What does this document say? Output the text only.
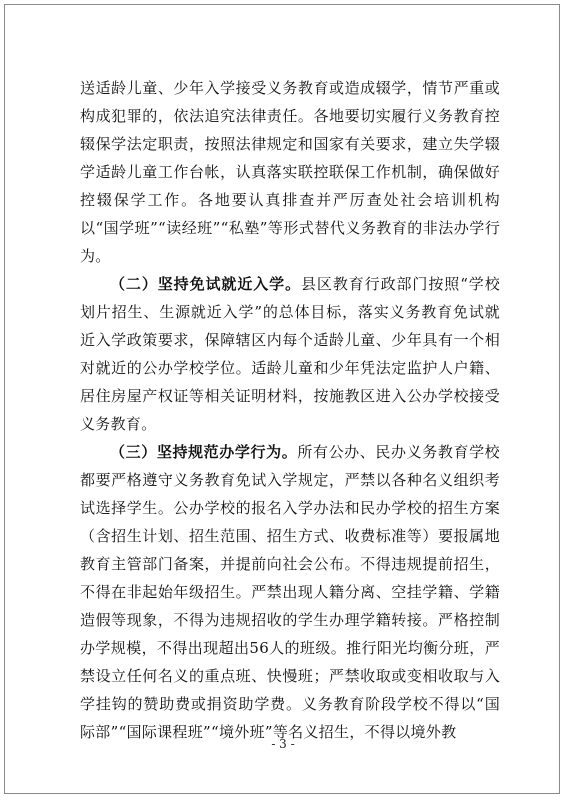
送适龄儿童、少年入学接受义务教育或造成辍学，情节严重或构成犯罪的，依法追究法律责任。各地要切实履行义务教育控辍保学法定职责，按照法律规定和国家有关要求，建立失学辍学适龄儿童工作台帐，认真落实联控联保工作机制，确保做好控辍保学工作。各地要认真排查并严厉查处社会培训机构以“国学班”“读经班”“私塾”等形式替代义务教育的非法办学行为。

（二）坚持免试就近入学。县区教育行政部门按照“学校划片招生、生源就近入学”的总体目标，落实义务教育免试就近入学政策要求，保障辖区内每个适龄儿童、少年具有一个相对就近的公办学校学位。适龄儿童和少年凭法定监护人户籍、居住房屋产权证等相关证明材料，按施教区进入公办学校接受义务教育。

（三）坚持规范办学行为。所有公办、民办义务教育学校都要严格遵守义务教育免试入学规定，严禁以各种名义组织考试选择学生。公办学校的报名入学办法和民办学校的招生方案（含招生计划、招生范围、招生方式、收费标准等）要报属地教育主管部门备案，并提前向社会公布。不得违规提前招生，不得在非起始年级招生。严禁出现人籍分离、空挂学籍、学籍造假等现象，不得为违规招收的学生办理学籍转接。严格控制办学规模，不得出现超出56人的班级。推行阳光均衡分班，严禁设立任何名义的重点班、快慢班；严禁收取或变相收取与入学挂钩的赞助费或捐资助学费。义务教育阶段学校不得以“国际部”“国际课程班”“境外班”等名义招生，不得以境外教

- 3 -
